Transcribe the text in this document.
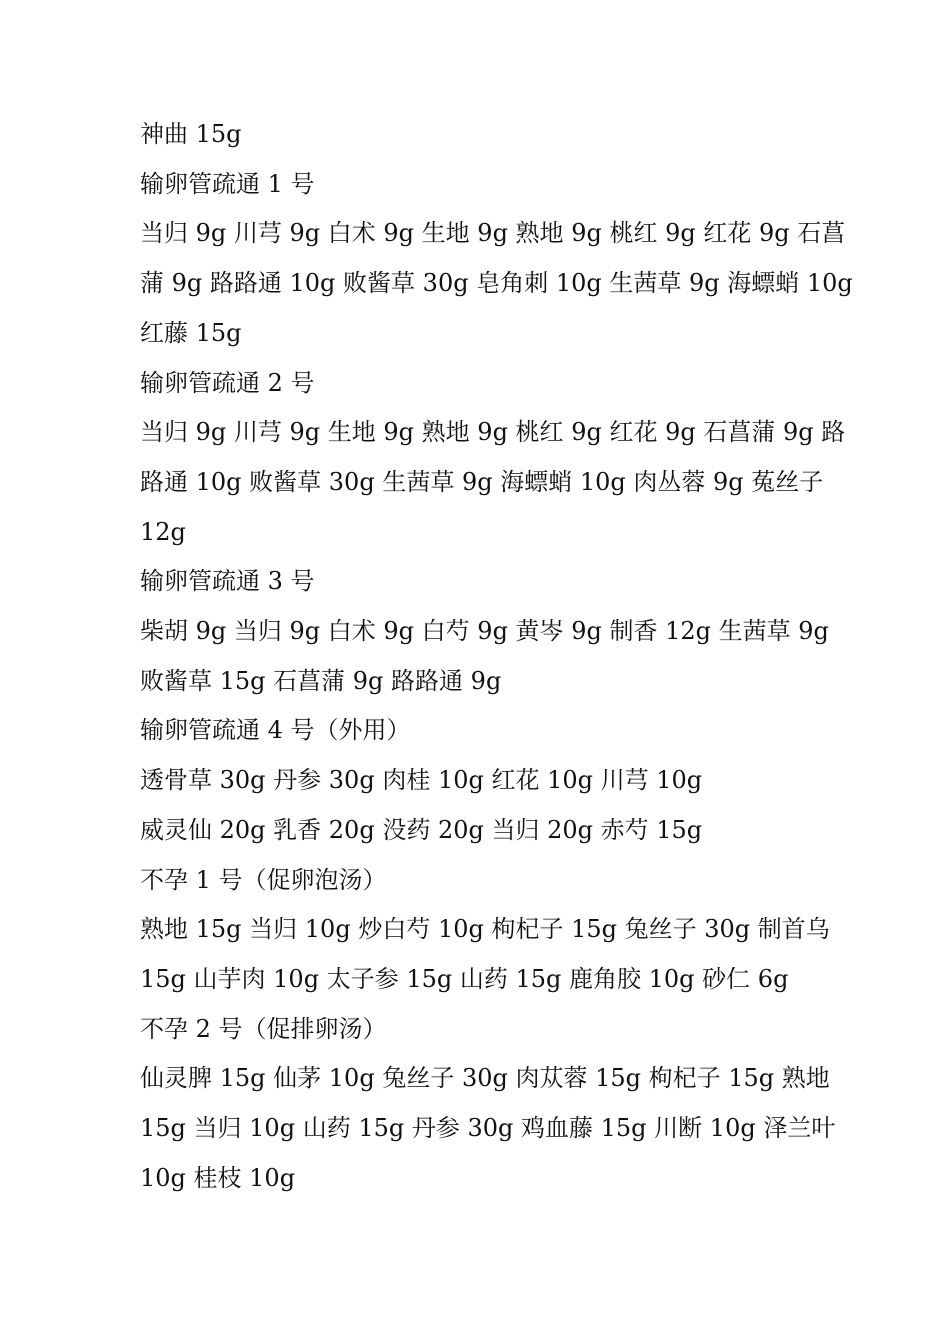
神曲 15g

输卵管疏通 1 号

当归 9g 川芎 9g 白术 9g 生地 9g 熟地 9g 桃红 9g 红花 9g 石菖

蒲 9g 路路通 10g 败酱草 30g 皂角刺 10g 生茜草 9g 海螵蛸 10g

红藤 15g

输卵管疏通 2 号

当归 9g 川芎 9g 生地 9g 熟地 9g 桃红 9g 红花 9g 石菖蒲 9g 路

路通 10g 败酱草 30g 生茜草 9g 海螵蛸 10g 肉丛蓉 9g 菟丝子

12g

输卵管疏通 3 号

柴胡 9g 当归 9g 白术 9g 白芍 9g 黄岑 9g 制香 12g 生茜草 9g

败酱草 15g 石菖蒲 9g 路路通 9g

输卵管疏通 4 号（外用）

透骨草 30g 丹参 30g 肉桂 10g 红花 10g 川芎 10g

威灵仙 20g 乳香 20g 没药 20g 当归 20g 赤芍 15g

不孕 1 号（促卵泡汤）

熟地 15g 当归 10g 炒白芍 10g 枸杞子 15g 兔丝子 30g 制首乌

15g 山芋肉 10g 太子参 15g 山药 15g 鹿角胶 10g 砂仁 6g

不孕 2 号（促排卵汤）

仙灵脾 15g 仙茅 10g 兔丝子 30g 肉苁蓉 15g 枸杞子 15g 熟地

15g 当归 10g 山药 15g 丹参 30g 鸡血藤 15g 川断 10g 泽兰叶

10g 桂枝 10g
